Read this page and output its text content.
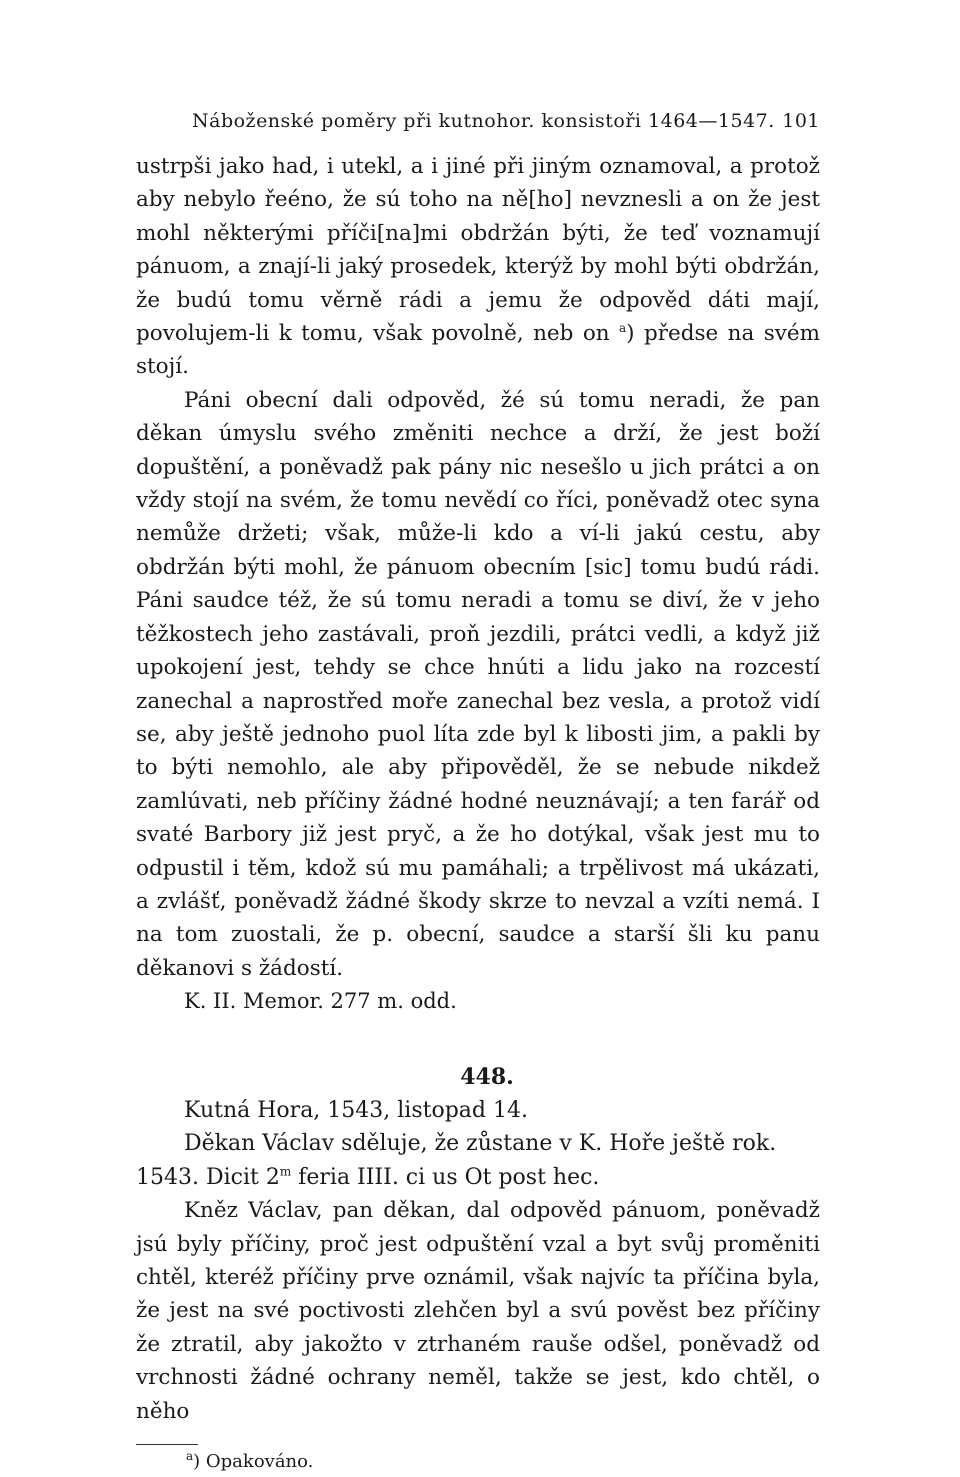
Náboženské poměry při kutnohor. konsistoři 1464—1547. 101

ustrpši jako had, i utekl, a i jiné při jiným oznamoval, a protož aby nebylo řeéno, že sú toho na ně[ho] nevznesli a on že jest mohl některými příči[na]mi obdržán býti, že teď voznamují pánuom, a znají-li jaký prosedek, kterýž by mohl býti obdržán, že budú tomu věrně rádi a jemu že odpověd dáti mají, povolujem-li k tomu, však povolně, neb on $^a$) předse na svém stojí.

Páni obecní dali odpověd, žé sú tomu neradi, že pan děkan úmyslu svého změniti nechce a drží, že jest boží dopuštění, a poněvadž pak pány nic nesešlo u jich prátci a on vždy stojí na svém, že tomu nevědí co říci, poněvadž otec syna nemůže držeti; však, může-li kdo a ví-li jakú cestu, aby obdržán býti mohl, že pánuom obecním [sic] tomu budú rádi. Páni saudce též, že sú tomu neradi a tomu se diví, že v jeho těžkostech jeho zastávali, proň jezdili, prátci vedli, a když již upokojení jest, tehdy se chce hnúti a lidu jako na rozcestí zanechal a naprostřed moře zanechal bez vesla, a protož vidí se, aby ještě jednoho puol líta zde byl k libosti jim, a pakli by to býti nemohlo, ale aby připověděl, že se nebude nikdež zamlúvati, neb příčiny žádné hodné neuznávají; a ten farář od svaté Barbory již jest pryč, a že ho dotýkal, však jest mu to odpustil i těm, kdož sú mu pamáhali; a trpělivost má ukázati, a zvlášť, poněvadž žádné škody skrze to nevzal a vzíti nemá. I na tom zuostali, že p. obecní, saudce a starší šli ku panu děkanovi s žádostí.

K. II. Memor. 277 m. odd.

448.

Kutná Hora, 1543, listopad 14.

Děkan Václav sděluje, že zůstane v K. Hoře ještě rok.

1543. Dicit 2$^m$ feria IIII. ci us Ot post hec.

Kněz Václav, pan děkan, dal odpověd pánuom, poněvadž jsú byly příčiny, proč jest odpuštění vzal a byt svůj proměniti chtěl, kteréž příčiny prve oznámil, však najvíc ta příčina byla, že jest na své poctivosti zlehčen byl a svú pověst bez příčiny že ztratil, aby jakožto v ztrhaném rauše odšel, poněvadž od vrchnosti žádné ochrany neměl, takže se jest, kdo chtěl, o něho

$^a$) Opakováno.
